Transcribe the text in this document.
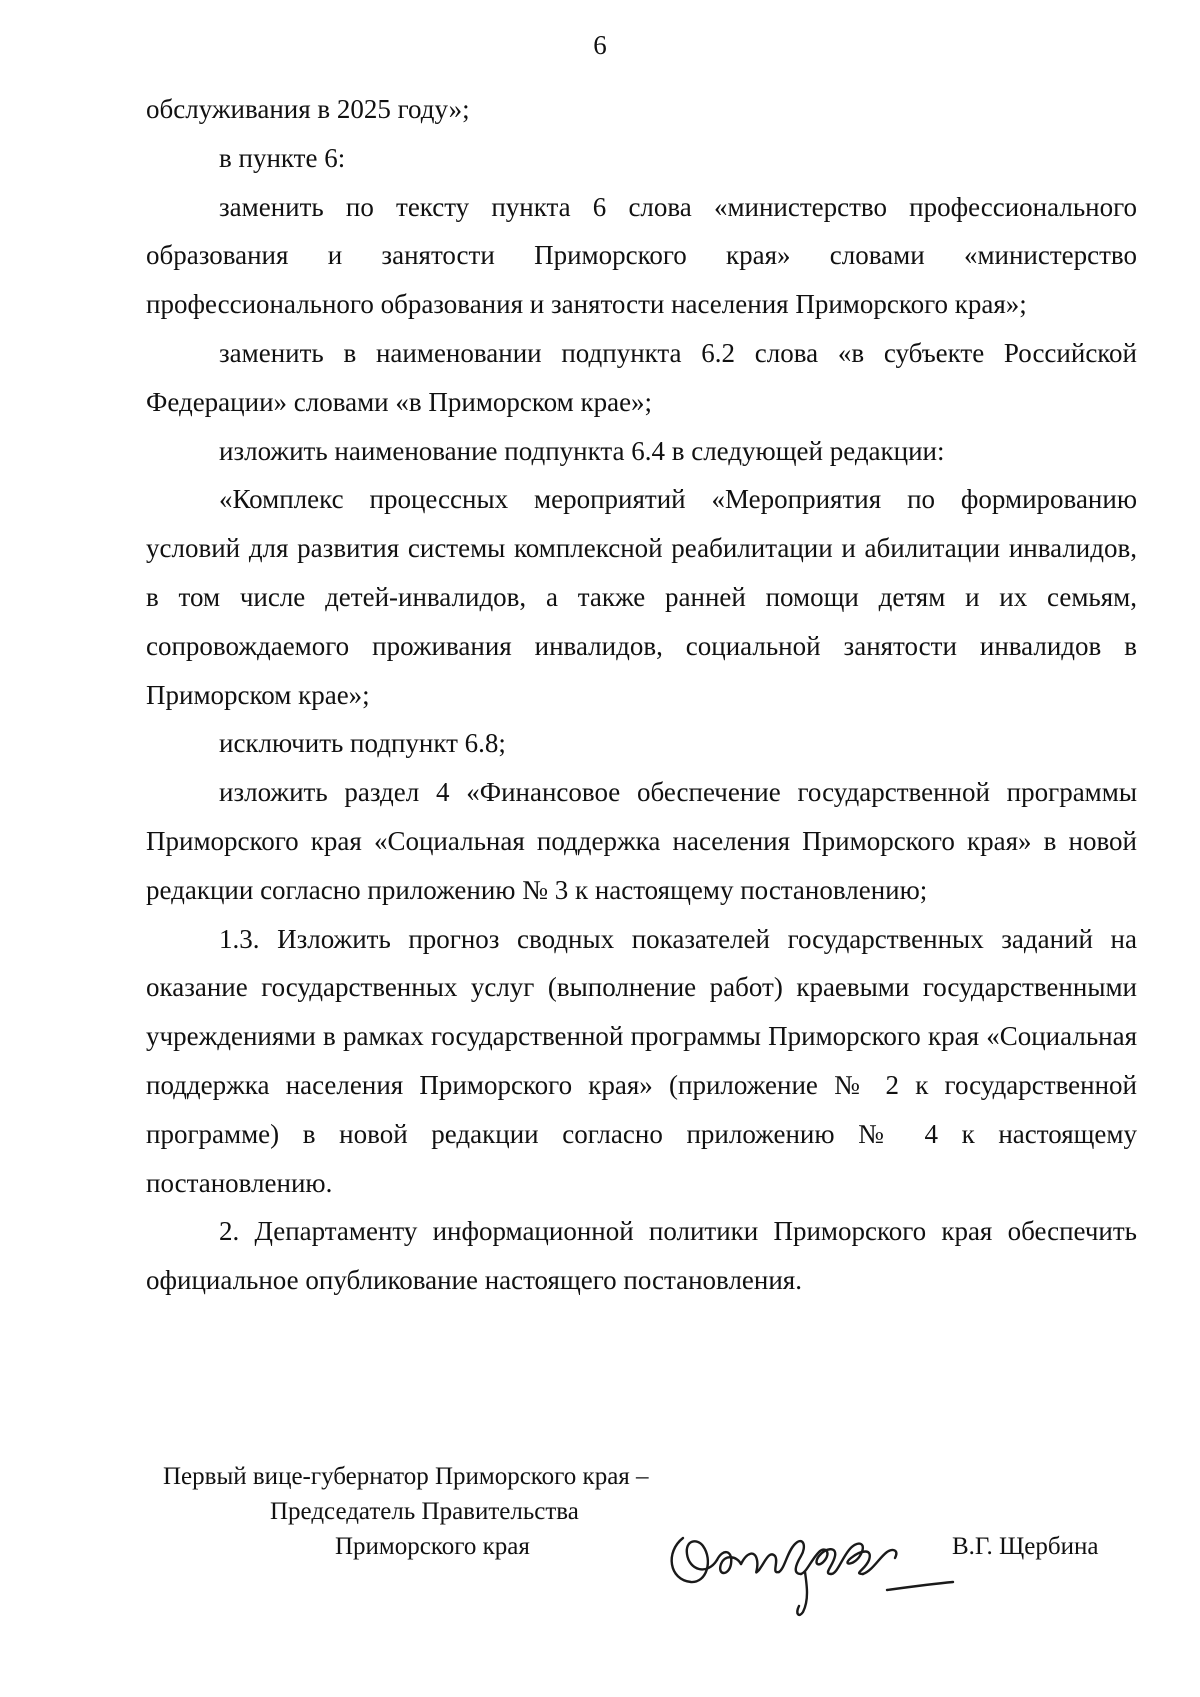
6

обслуживания в 2025 году»;

в пункте 6:

заменить по тексту пункта 6 слова «министерство профессионального образования и занятости Приморского края» словами «министерство профессионального образования и занятости населения Приморского края»;

заменить в наименовании подпункта 6.2 слова «в субъекте Российской Федерации» словами «в Приморском крае»;

изложить наименование подпункта 6.4 в следующей редакции:

«Комплекс процессных мероприятий «Мероприятия по формированию условий для развития системы комплексной реабилитации и абилитации инвалидов, в том числе детей-инвалидов, а также ранней помощи детям и их семьям, сопровождаемого проживания инвалидов, социальной занятости инвалидов в Приморском крае»;

исключить подпункт 6.8;

изложить раздел 4 «Финансовое обеспечение государственной программы Приморского края «Социальная поддержка населения Приморского края» в новой редакции согласно приложению № 3 к настоящему постановлению;

1.3. Изложить прогноз сводных показателей государственных заданий на оказание государственных услуг (выполнение работ) краевыми государственными учреждениями в рамках государственной программы Приморского края «Социальная поддержка населения Приморского края» (приложение № 2 к государственной программе) в новой редакции согласно приложению № 4 к настоящему постановлению.

2. Департаменту информационной политики Приморского края обеспечить официальное опубликование настоящего постановления.

Первый вице-губернатор Приморского края –
Председатель Правительства
Приморского края	В.Г. Щербина
